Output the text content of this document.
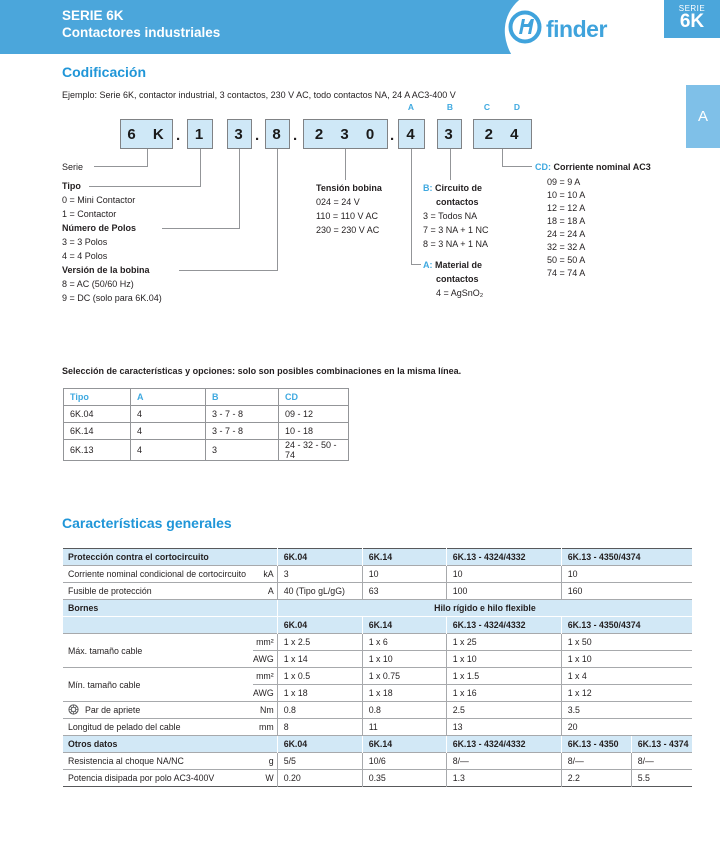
SERIE 6K
Contactores industriales	finder
SERIE
6K
A
Codificación
Ejemplo: Serie 6K, contactor industrial, 3 contactos, 230 V AC, todo contactos NA, 24 A AC3-400 V
6 K . 1	3 . 8 .	2 3 0 . 4	3	2 4
A	B	C	D
Serie
Tipo
0 = Mini Contactor
1 = Contactor
Número de Polos
3 = 3 Polos
4 = 4 Polos
Versión de la bobina
8 = AC (50/60 Hz)
9 = DC (solo para 6K.04)
Tensión bobina
024 = 24 V
110 = 110 V AC
230 = 230 V AC
B: Circuito de
contactos
3 = Todos NA
7 = 3 NA + 1 NC
8 = 3 NA + 1 NA
A: Material de
contactos
4 = AgSnO₂
CD: Corriente nominal AC3
09 = 9 A
10 = 10 A
12 = 12 A
18 = 18 A
24 = 24 A
32 = 32 A
50 = 50 A
74 = 74 A
Selección de características y opciones: solo son posibles combinaciones en la misma línea.
Tipo	A	B	CD
6K.04	4	3 - 7 - 8	09 - 12
6K.14	4	3 - 7 - 8	10 - 18
6K.13	4	3	24 - 32 - 50 - 74
Características generales
Protección contra el cortocircuito		6K.04	6K.14	6K.13 - 4324/4332	6K.13 - 4350/4374	
Corriente nominal condicional de cortocircuito	kA	3	10	10	10	
Fusible de protección	A	40 (Tipo gL/gG)	63	100	160	
Bornes		Hilo rígido e hilo flexible				
		6K.04	6K.14	6K.13 - 4324/4332	6K.13 - 4350/4374	
Máx. tamaño cable	mm²	1 x 2.5	1 x 6	1 x 25	1 x 50	
	AWG	1 x 14	1 x 10	1 x 10	1 x 10	
Mín. tamaño cable	mm²	1 x 0.5	1 x 0.75	1 x 1.5	1 x 4	
	AWG	1 x 18	1 x 18	1 x 16	1 x 12	

Par de apriete	Nm	0.8	0.8	2.5	3.5	
Longitud de pelado del cable	mm	8	11	13	20	
Otros datos		6K.04	6K.14	6K.13 - 4324/4332	6K.13 - 4350	6K.13 - 4374
Resistencia al choque NA/NC	g	5/5	10/6	8/—	8/—	8/—
Potencia disipada por polo AC3-400V	W	0.20	0.35	1.3	2.2	5.5
